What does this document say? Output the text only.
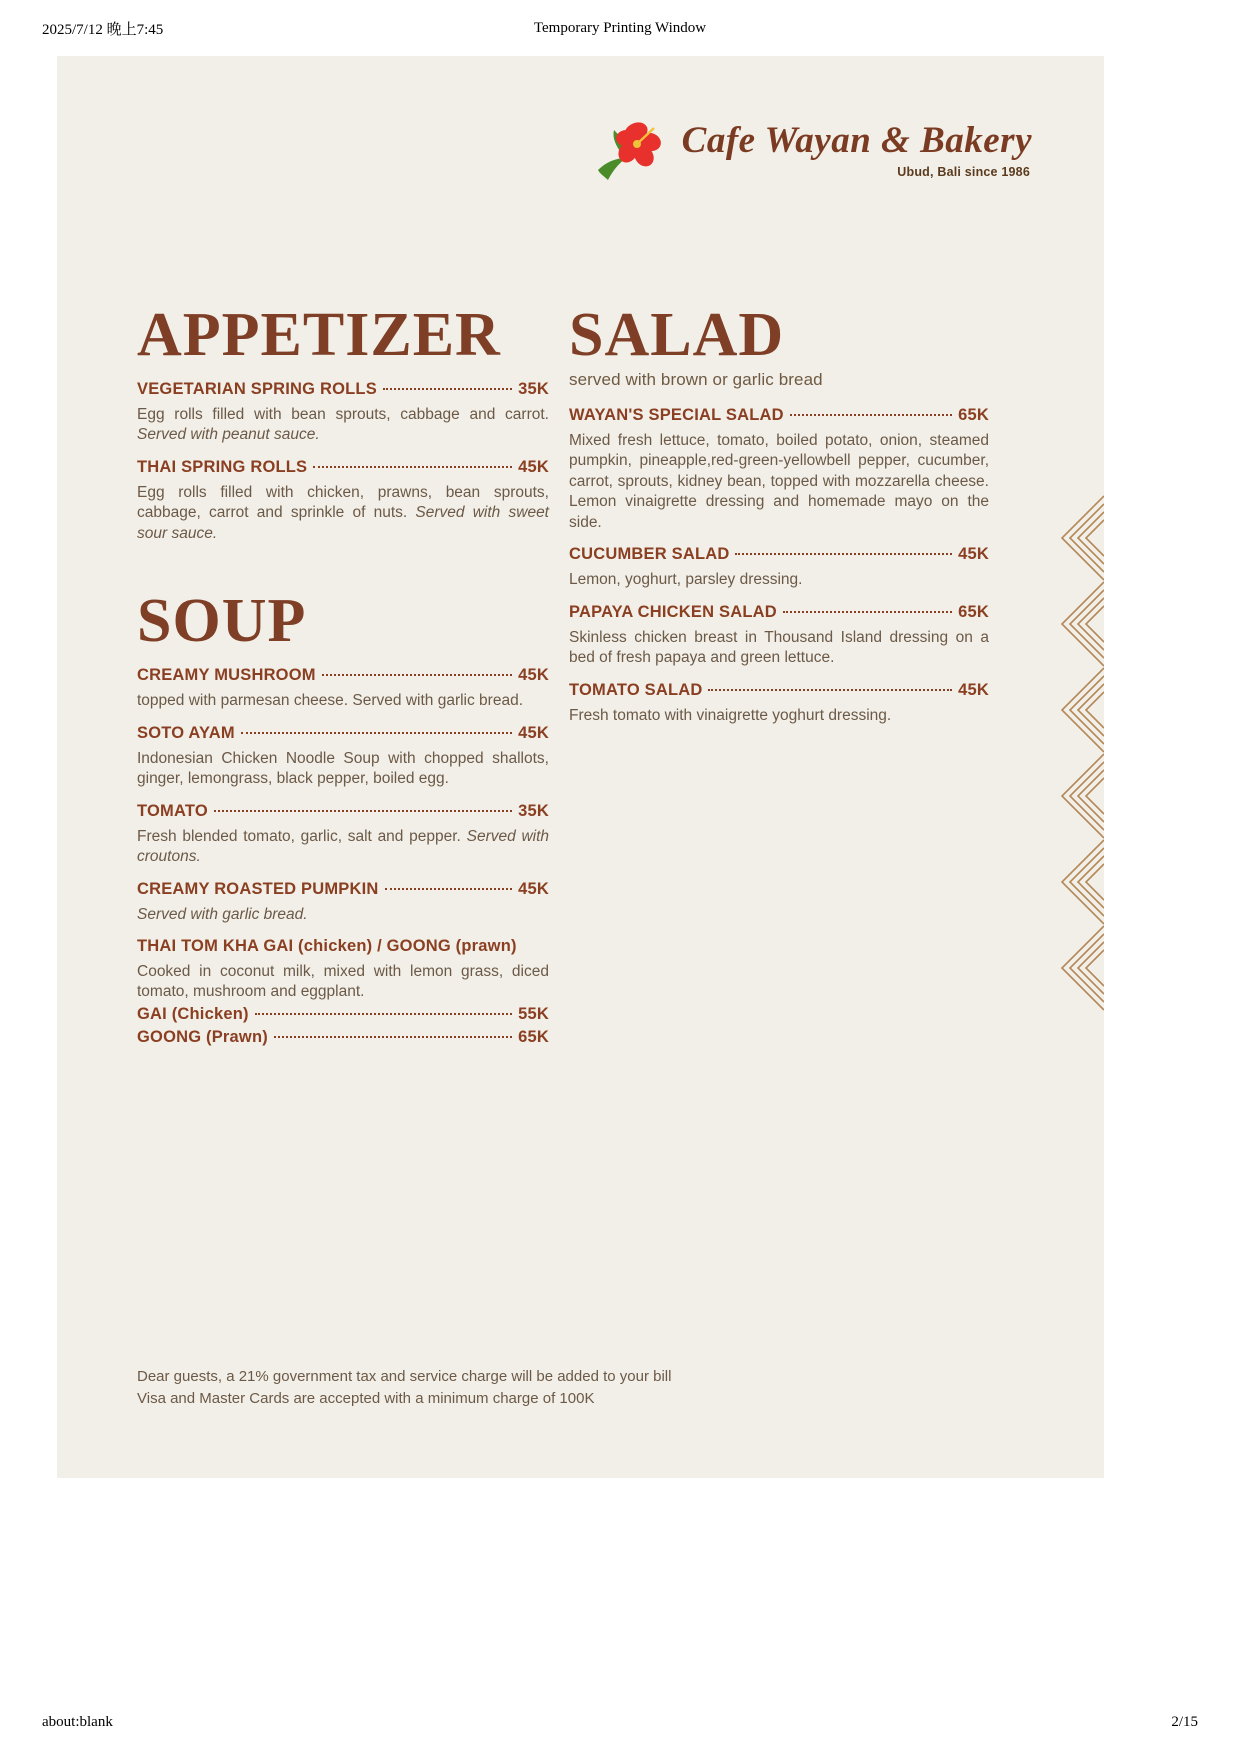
2025/7/12 晚上7:45	Temporary Printing Window
Cafe Wayan & Bakery
Ubud, Bali since 1986
APPETIZER
VEGETARIAN SPRING ROLLS	35K
Egg rolls filled with bean sprouts, cabbage and carrot. Served with peanut sauce.
THAI SPRING ROLLS	45K
Egg rolls filled with chicken, prawns, bean sprouts, cabbage, carrot and sprinkle of nuts. Served with sweet sour sauce.
SOUP
CREAMY MUSHROOM	45K
topped with parmesan cheese. Served with garlic bread.
SOTO AYAM	45K
Indonesian Chicken Noodle Soup with chopped shallots, ginger, lemongrass, black pepper, boiled egg.
TOMATO	35K
Fresh blended tomato, garlic, salt and pepper. Served with croutons.
CREAMY ROASTED PUMPKIN	45K
Served with garlic bread.
THAI TOM KHA GAI (chicken) / GOONG (prawn)
Cooked in coconut milk, mixed with lemon grass, diced tomato, mushroom and eggplant.
GAI (Chicken)	55K
GOONG (Prawn)	65K
SALAD
served with brown or garlic bread
WAYAN'S SPECIAL SALAD	65K
Mixed fresh lettuce, tomato, boiled potato, onion, steamed pumpkin, pineapple,red-green-yellowbell pepper, cucumber, carrot, sprouts, kidney bean, topped with mozzarella cheese. Lemon vinaigrette dressing and homemade mayo on the side.
CUCUMBER SALAD	45K
Lemon, yoghurt, parsley dressing.
PAPAYA CHICKEN SALAD	65K
Skinless chicken breast in Thousand Island dressing on a bed of fresh papaya and green lettuce.
TOMATO SALAD	45K
Fresh tomato with vinaigrette yoghurt dressing.
Dear guests, a 21% government tax and service charge will be added to your bill
Visa and Master Cards are accepted with a minimum charge of 100K
about:blank	2/15
